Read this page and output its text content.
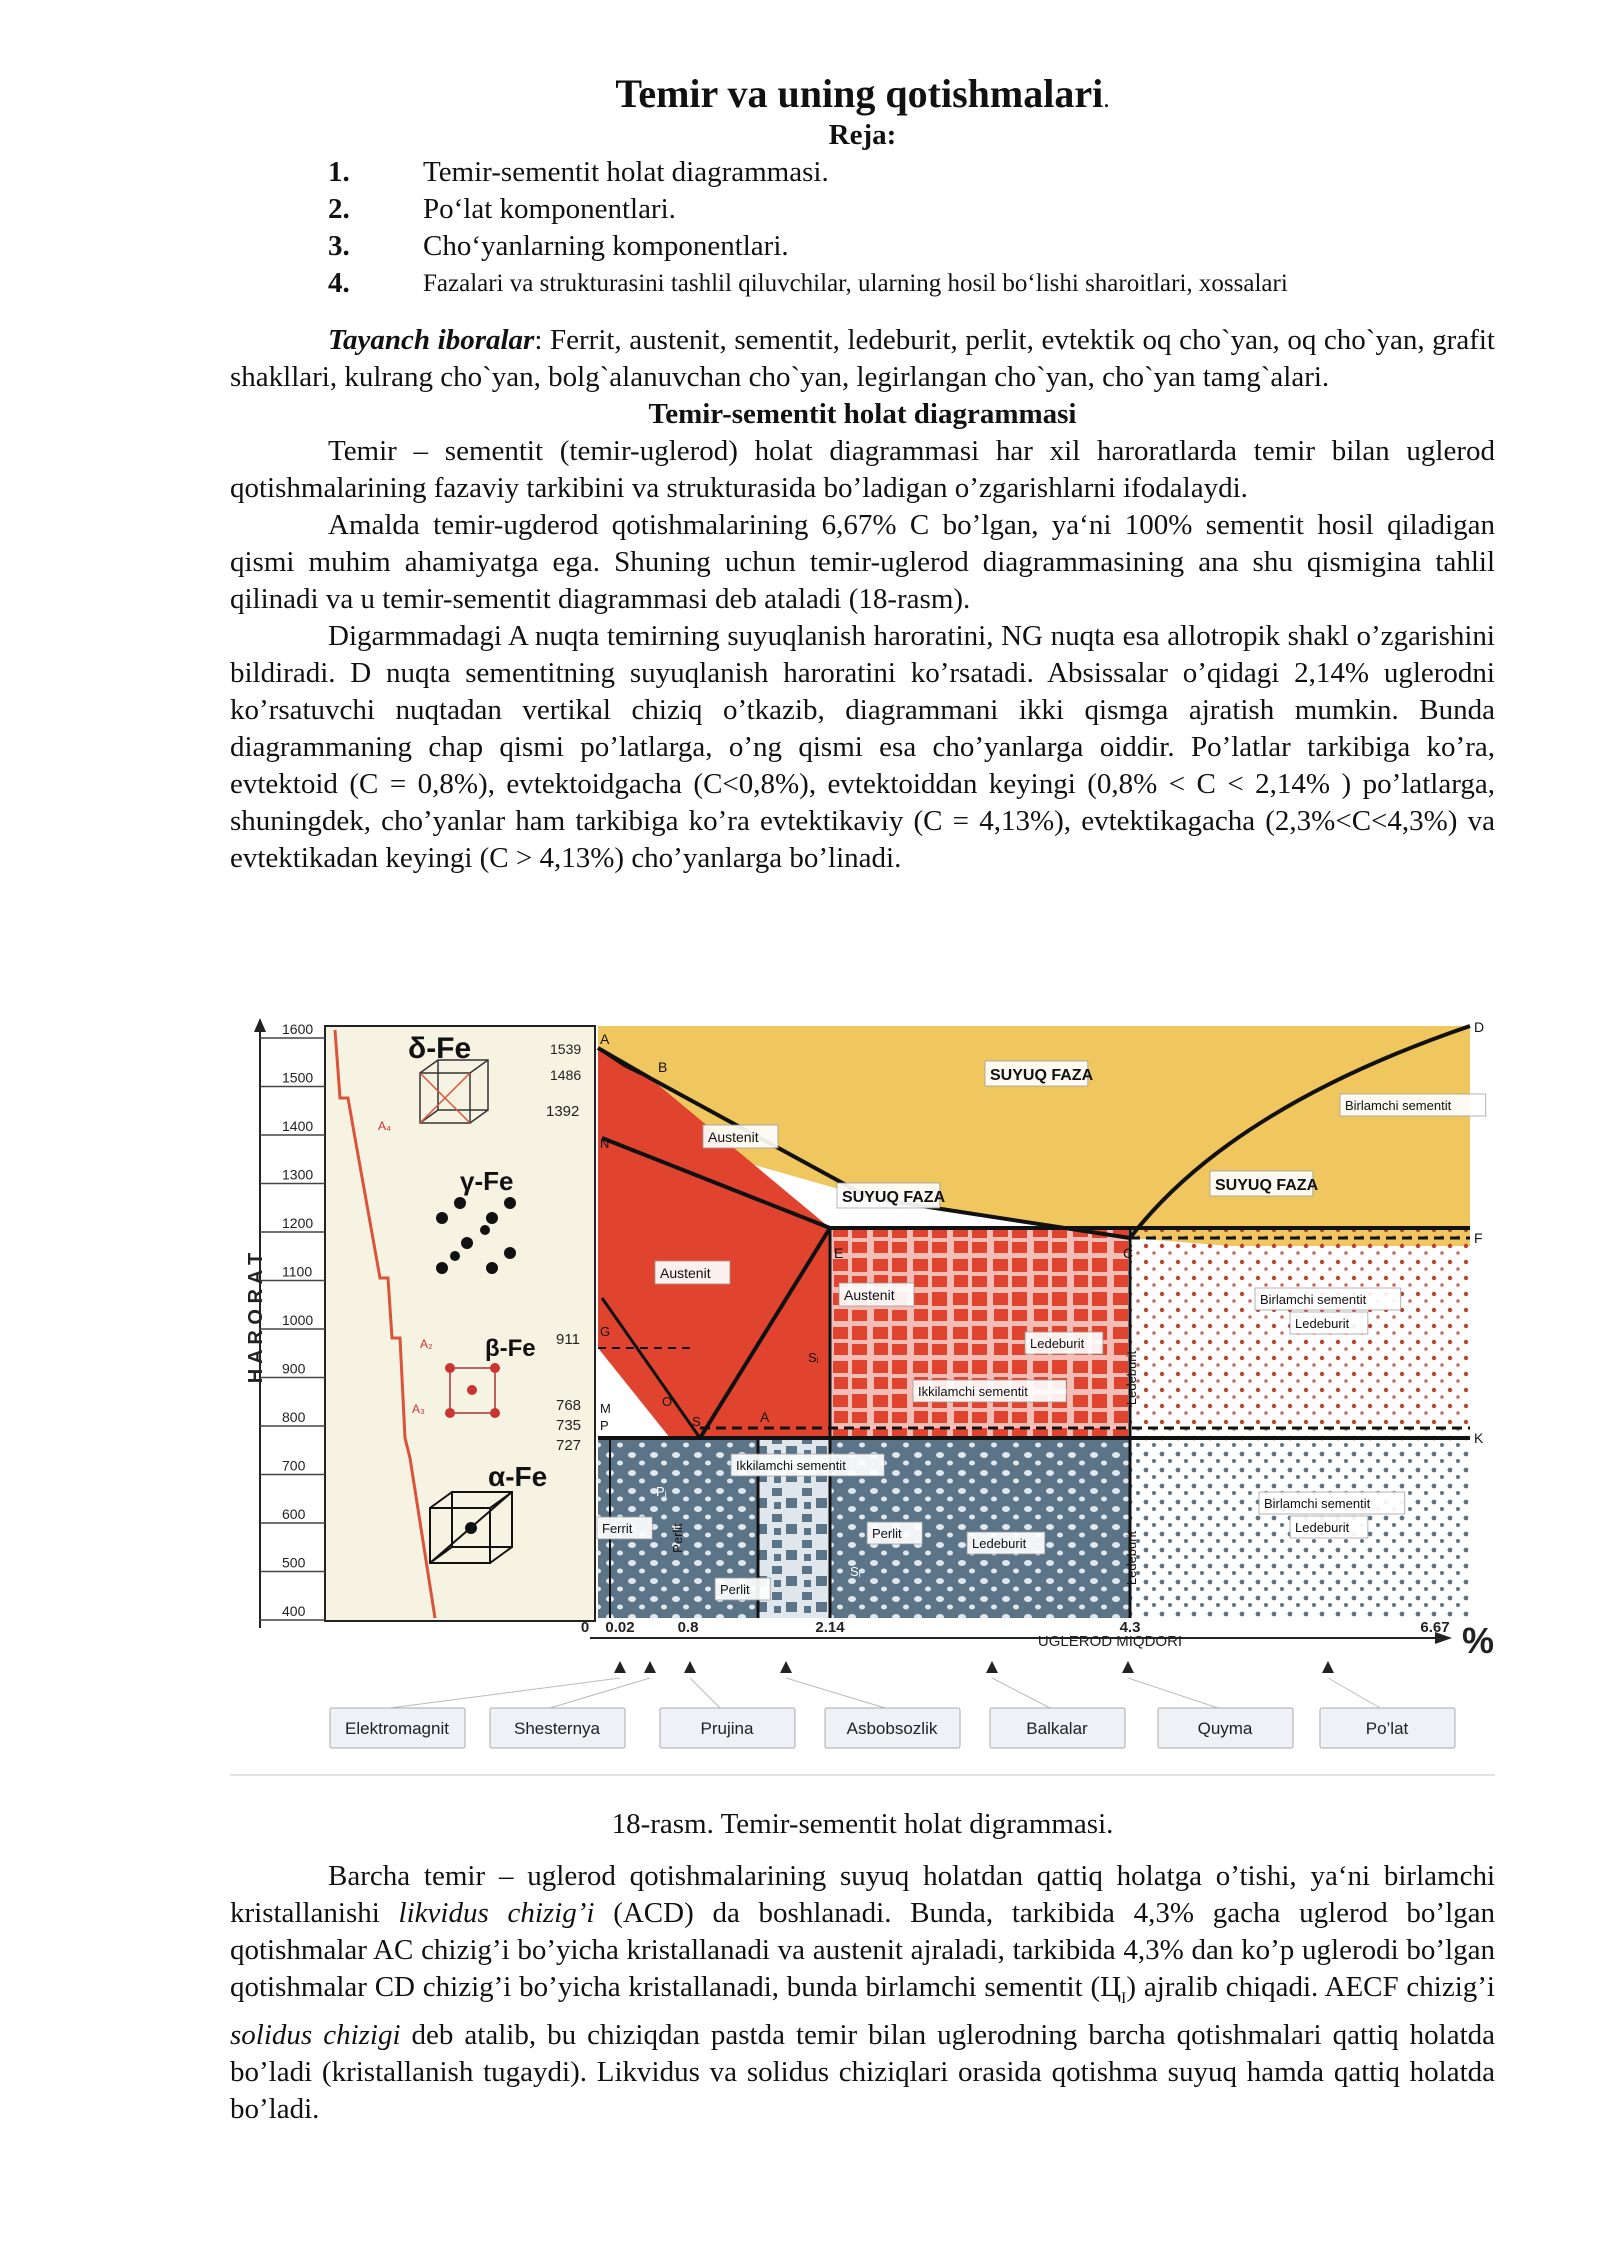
Temir va uning qotishmalari.
Reja:
1.	Temir-sementit holat diagrammasi.
2.	Po‘lat komponentlari.
3.	Cho‘yanlarning komponentlari.
4.	Fazalari va strukturasini tashlil qiluvchilar, ularning hosil bo‘lishi sharoitlari, xossalari

Tayanch iboralar: Ferrit, austenit, sementit, ledeburit, perlit, evtektik oq cho`yan, oq cho`yan, grafit shakllari, kulrang cho`yan, bolg`alanuvchan cho`yan, legirlangan cho`yan, cho`yan tamg`alari.

Temir-sementit holat diagrammasi

Temir – sementit (temir-uglerod) holat diagrammasi har xil haroratlarda temir bilan uglerod qotishmalarining fazaviy tarkibini va strukturasida bo’ladigan o’zgarishlarni ifodalaydi.

Amalda temir-ugderod qotishmalarining 6,67% C bo’lgan, ya‘ni 100% sementit hosil qiladigan qismi muhim ahamiyatga ega. Shuning uchun temir-uglerod diagrammasining ana shu qismigina tahlil qilinadi va u temir-sementit diagrammasi deb ataladi (18-rasm).

Digarmmadagi A nuqta temirning suyuqlanish haroratini, NG nuqta esa allotropik shakl o’zgarishini bildiradi. D nuqta sementitning suyuqlanish haroratini ko’rsatadi. Absissalar o’qidagi 2,14% uglerodni ko’rsatuvchi nuqtadan vertikal chiziq o’tkazib, diagrammani ikki qismga ajratish mumkin. Bunda diagrammaning chap qismi po’latlarga, o’ng qismi esa cho’yanlarga oiddir. Po’latlar tarkibiga ko’ra, evtektoid (C = 0,8%), evtektoidgacha (C<0,8%), evtektoiddan keyingi (0,8% < C < 2,14% ) po’latlarga, shuningdek, cho’yanlar ham tarkibiga ko’ra evtektikaviy (C = 4,13%), evtektikagacha (2,3%<C<4,3%) va evtektikadan keyingi (C > 4,13%) cho’yanlarga bo’linadi.

1600
1500
1400
1300
1200
1100
1000
900
800
700
600
500
400
0 0.02	0.8	2.14	4.3	6.67
H A R O R A T
UGLEROD MIQDORI	%
δ-Fe
γ-Fe
β-Fe
α-Fe
1539
1486
1392
911
768
735
727
A
B
D
N
C
E
F
G
K
S
P
O
M
A₄
A₃
A₂
SUYUQ FAZA
SUYUQ FAZA
SUYUQ FAZA
Austenit
Austenit
Austenit
Birlamchi sementit
Birlamchi sementit
Ledeburit
Ledeburit
Ikkilamchi sementit
Ferrit
Perlit
Ikkilamchi sementit
Perlit
Ledeburit
Birlamchi sementit
Ledeburit
Perlit
Ledeburit
Ledeburit
A	A
F
Pᵢ
Sᵢ
Sᵢ
Elektromagnit	Shesternya	Prujina	Asbobsozlik	Balkalar	Quyma	Po’lat
18-rasm. Temir-sementit holat digrammasi.

Barcha temir – uglerod qotishmalarining suyuq holatdan qattiq holatga o’tishi, ya‘ni birlamchi kristallanishi likvidus chizig’i (ACD) da boshlanadi. Bunda, tarkibida 4,3% gacha uglerod bo’lgan qotishmalar AC chizig’i bo’yicha kristallanadi va austenit ajraladi, tarkibida 4,3% dan ko’p uglerodi bo’lgan qotishmalar CD chizig’i bo’yicha kristallanadi, bunda birlamchi sementit $(Ц_I)$ ajralib chiqadi. AECF chizig’i solidus chizigi deb atalib, bu chiziqdan pastda temir bilan uglerodning barcha qotishmalari qattiq holatda bo’ladi (kristallanish tugaydi). Likvidus va solidus chiziqlari orasida qotishma suyuq hamda qattiq holatda bo’ladi.
